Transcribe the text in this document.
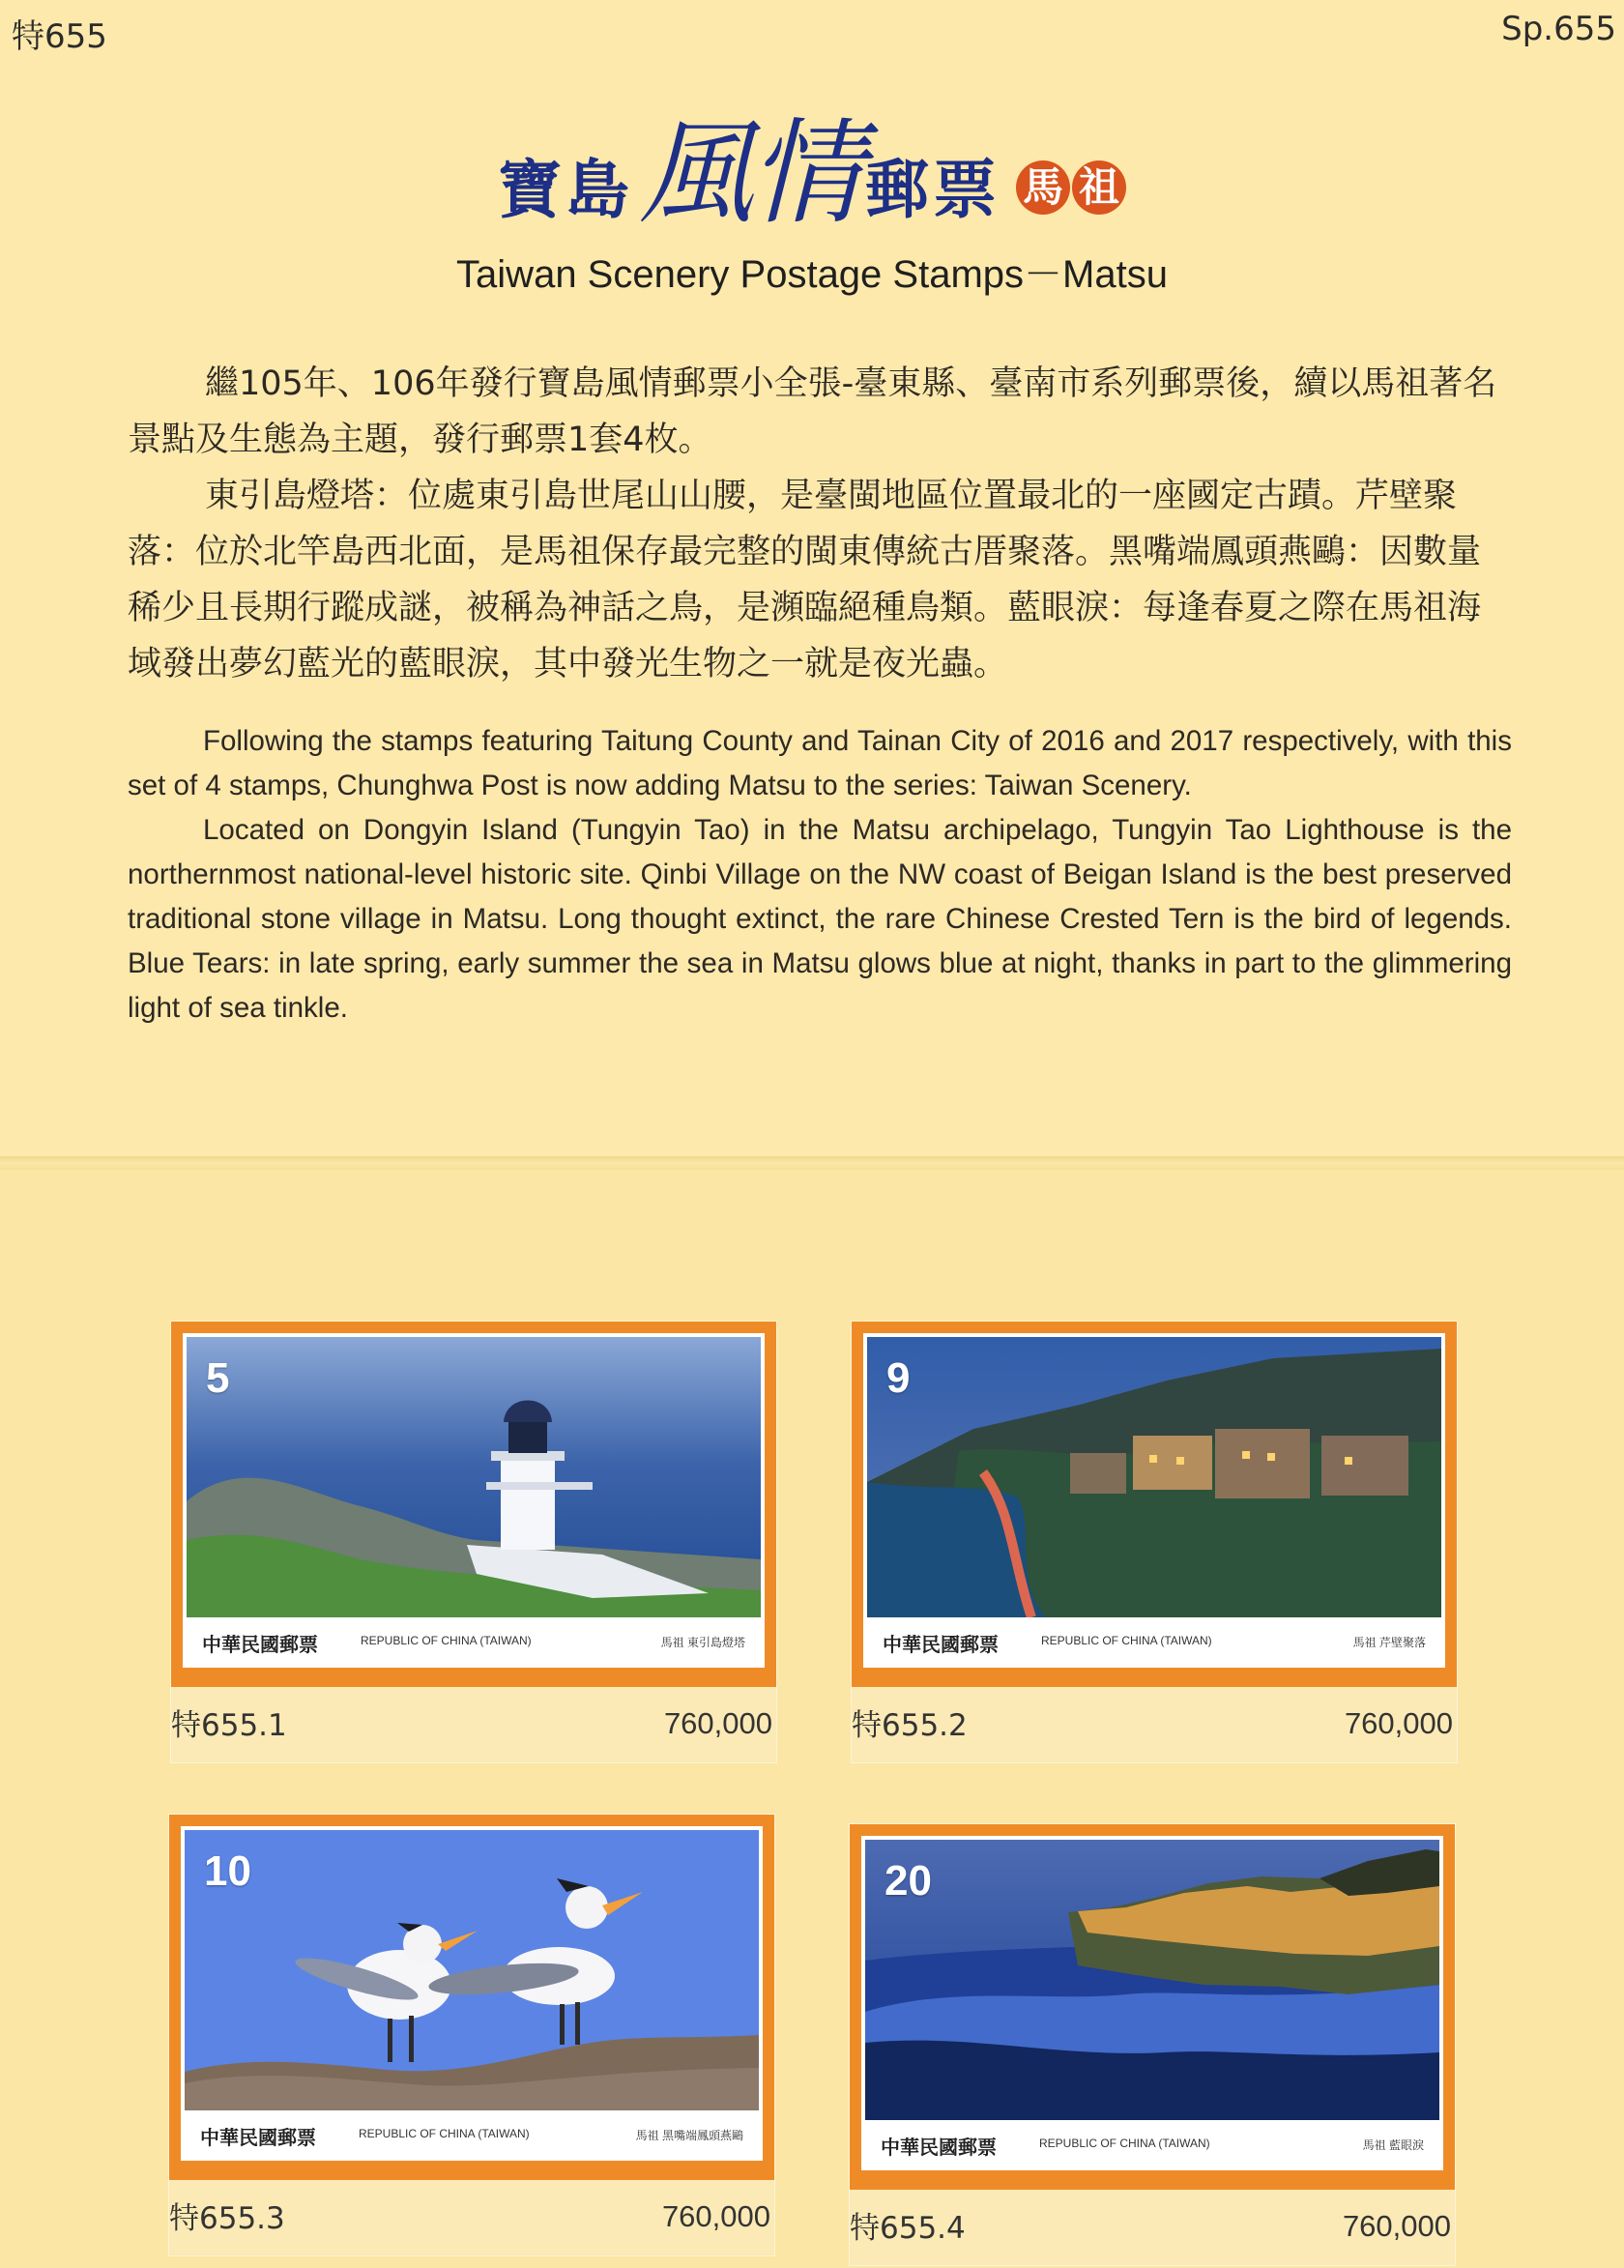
特655	Sp.655
寶島 風情 郵票 馬 祖
Taiwan Scenery Postage Stamps－Matsu

繼105年、106年發行寶島風情郵票小全張-臺東縣、臺南市系列郵票後，續以馬祖著名景點及生態為主題，發行郵票1套4枚。

東引島燈塔：位處東引島世尾山山腰，是臺閩地區位置最北的一座國定古蹟。芹壁聚落：位於北竿島西北面，是馬祖保存最完整的閩東傳統古厝聚落。黑嘴端鳳頭燕鷗：因數量稀少且長期行蹤成謎，被稱為神話之鳥，是瀕臨絕種鳥類。藍眼淚：每逢春夏之際在馬祖海域發出夢幻藍光的藍眼淚，其中發光生物之一就是夜光蟲。

Following the stamps featuring Taitung County and Tainan City of 2016 and 2017 respectively, with this set of 4 stamps, Chunghwa Post is now adding Matsu to the series: Taiwan Scenery.

Located on Dongyin Island (Tungyin Tao) in the Matsu archipelago, Tungyin Tao Lighthouse is the northernmost national-level historic site. Qinbi Village on the NW coast of Beigan Island is the best preserved traditional stone village in Matsu. Long thought extinct, the rare Chinese Crested Tern is the bird of legends. Blue Tears: in late spring, early summer the sea in Matsu glows blue at night, thanks in part to the glimmering light of sea tinkle.

5
中華民國郵票	REPUBLIC OF CHINA (TAIWAN)	馬祖 東引島燈塔
特655.1	760,000
9
中華民國郵票	REPUBLIC OF CHINA (TAIWAN)	馬祖 芹壁聚落
特655.2	760,000
10
中華民國郵票	REPUBLIC OF CHINA (TAIWAN)	馬祖 黑嘴端鳳頭燕鷗
特655.3	760,000
20
中華民國郵票	REPUBLIC OF CHINA (TAIWAN)	馬祖 藍眼淚
特655.4	760,000
